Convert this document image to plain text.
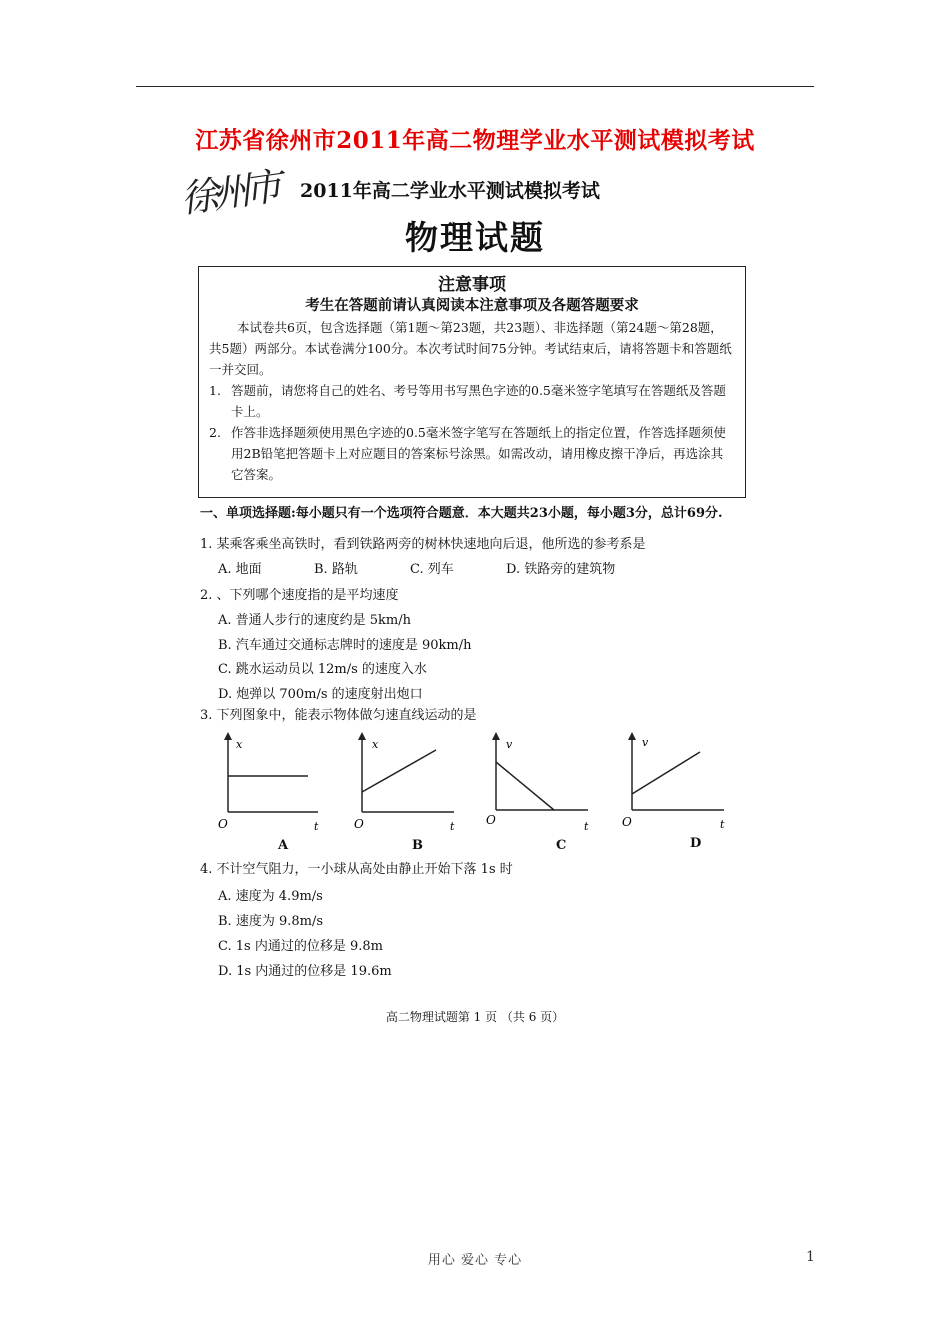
江苏省徐州市2011年高二物理学业水平测试模拟考试
徐州市 2011年高二学业水平测试模拟考试
物理试题
注意事项
考生在答题前请认真阅读本注意事项及各题答题要求

本试卷共6页，包含选择题（第1题～第23题，共23题）、非选择题（第24题～第28题，共5题）两部分。本试卷满分100分。本次考试时间75分钟。考试结束后，请将答题卡和答题纸一并交回。

1. 答题前，请您将自己的姓名、考号等用书写黑色字迹的0.5毫米签字笔填写在答题纸及答题卡上。

2. 作答非选择题须使用黑色字迹的0.5毫米签字笔写在答题纸上的指定位置，作答选择题须使用2B铅笔把答题卡上对应题目的答案标号涂黑。如需改动，请用橡皮擦干净后，再选涂其它答案。

一、单项选择题:每小题只有一个选项符合题意．本大题共23小题，每小题3分，总计69分.
1. 某乘客乘坐高铁时，看到铁路两旁的树林快速地向后退，他所选的参考系是
A. 地面	B. 路轨	C. 列车	D. 铁路旁的建筑物
2. 、下列哪个速度指的是平均速度
A. 普通人步行的速度约是 5km/h
B. 汽车通过交通标志牌时的速度是 90km/h
C. 跳水运动员以 12m/s 的速度入水
D. 炮弹以 700m/s 的速度射出炮口
3. 下列图象中，能表示物体做匀速直线运动的是
x
O	t
A
x
O	t
B
v
O	t
C
v
O	t
D
4. 不计空气阻力，一小球从高处由静止开始下落 1s 时
A. 速度为 4.9m/s
B. 速度为 9.8m/s
C. 1s 内通过的位移是 9.8m
D. 1s 内通过的位移是 19.6m
高二物理试题第 1 页 （共 6 页）
用心 爱心 专心	1
